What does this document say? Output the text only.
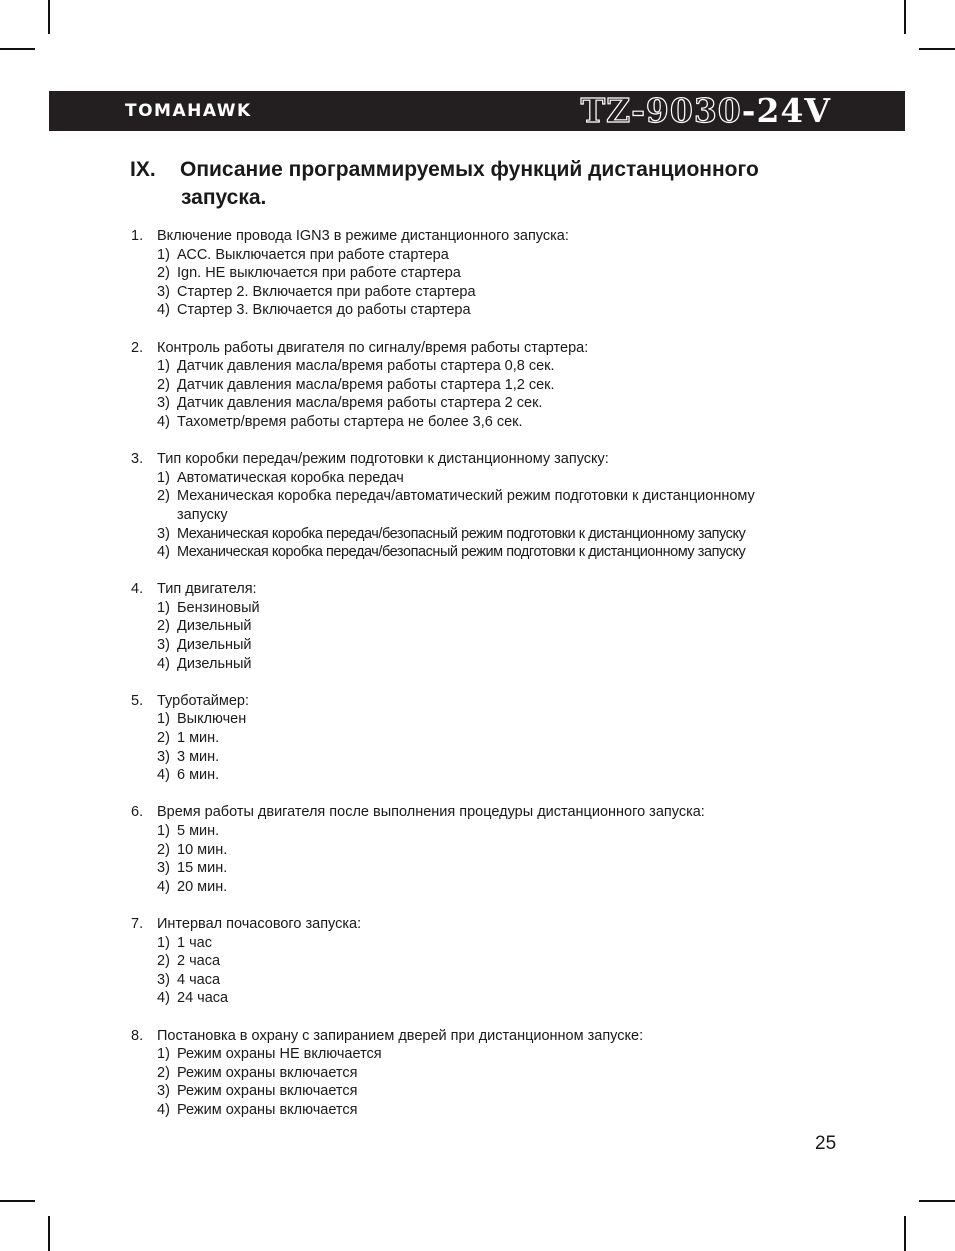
TOMAHAWK	TZ-9030-24V
IX. Описание программируемых функций дистанционного
запуска.
1. Включение провода IGN3 в режиме дистанционного запуска:
1) АСС. Выключается при работе стартера
2) Ign. НЕ выключается при работе стартера
3) Стартер 2. Включается при работе стартера
4) Стартер 3. Включается до работы стартера
2. Контроль работы двигателя по сигналу/время работы стартера:
1) Датчик давления масла/время работы стартера 0,8 сек.
2) Датчик давления масла/время работы стартера 1,2 сек.
3) Датчик давления масла/время работы стартера 2 сек.
4) Тахометр/время работы стартера не более 3,6 сек.
3. Тип коробки передач/режим подготовки к дистанционному запуску:
1) Автоматическая коробка передач
2) Механическая коробка передач/автоматический режим подготовки к дистанционному запуску
3) Механическая коробка передач/безопасный режим подготовки к дистанционному запуску
4) Механическая коробка передач/безопасный режим подготовки к дистанционному запуску
4. Тип двигателя:
1) Бензиновый
2) Дизельный
3) Дизельный
4) Дизельный
5. Турботаймер:
1) Выключен
2) 1 мин.
3) 3 мин.
4) 6 мин.
6. Время работы двигателя после выполнения процедуры дистанционного запуска:
1) 5 мин.
2) 10 мин.
3) 15 мин.
4) 20 мин.
7. Интервал почасового запуска:
1) 1 час
2) 2 часа
3) 4 часа
4) 24 часа
8. Постановка в охрану с запиранием дверей при дистанционном запуске:
1) Режим охраны НЕ включается
2) Режим охраны включается
3) Режим охраны включается
4) Режим охраны включается
25
